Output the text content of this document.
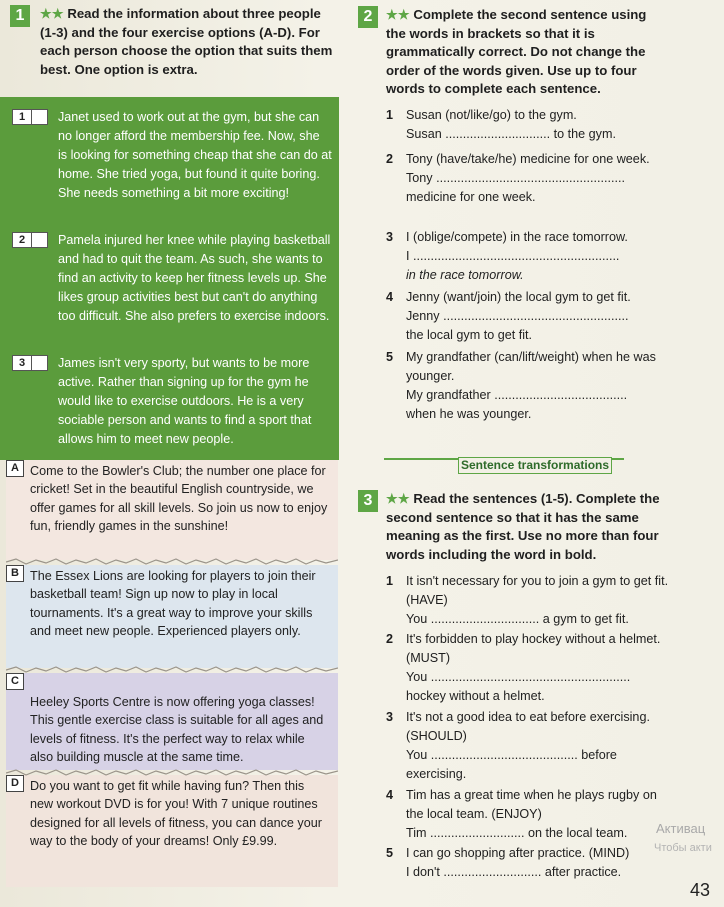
1	★★ Read the information about three people (1-3) and the four exercise options (A-D). For each person choose the option that suits them best. One option is extra.
1	Janet used to work out at the gym, but she can no longer afford the membership fee. Now, she is looking for something cheap that she can do at home. She tried yoga, but found it quite boring. She needs something a bit more exciting!
2	Pamela injured her knee while playing basketball and had to quit the team. As such, she wants to find an activity to keep her fitness levels up. She likes group activities best but can't do anything too difficult. She also prefers to exercise indoors.
3	James isn't very sporty, but wants to be more active. Rather than signing up for the gym he would like to exercise outdoors. He is a very sociable person and wants to find a sport that allows him to meet new people.
A Come to the Bowler's Club; the number one place for cricket! Set in the beautiful English countryside, we offer games for all skill levels. So join us now to enjoy fun, friendly games in the sunshine!
B The Essex Lions are looking for players to join their basketball team! Sign up now to play in local tournaments. It's a great way to improve your skills and meet new people. Experienced players only.
C
Heeley Sports Centre is now offering yoga classes! This gentle exercise class is suitable for all ages and levels of fitness. It's the perfect way to relax while also building muscle at the same time.
D Do you want to get fit while having fun? Then this new workout DVD is for you! With 7 unique routines designed for all levels of fitness, you can dance your way to the body of your dreams! Only £9.99.
2	★★ Complete the second sentence using the words in brackets so that it is grammatically correct. Do not change the order of the words given. Use up to four words to complete each sentence.
1 Susan (not/like/go) to the gym.
Susan .............................. to the gym.
2 Tony (have/take/he) medicine for one week.
Tony ......................................................
medicine for one week.
3 I (oblige/compete) in the race tomorrow.
I ...........................................................
in the race tomorrow.
4 Jenny (want/join) the local gym to get fit.
Jenny .....................................................
the local gym to get fit.
5 My grandfather (can/lift/weight) when he was younger.
My grandfather ......................................
when he was younger.
Sentence transformations
3	★★ Read the sentences (1-5). Complete the second sentence so that it has the same meaning as the first. Use no more than four words including the word in bold.
1 It isn't necessary for you to join a gym to get fit. (HAVE)
You ............................... a gym to get fit.
2 It's forbidden to play hockey without a helmet. (MUST)
You .........................................................
hockey without a helmet.
3 It's not a good idea to eat before exercising. (SHOULD)
You .......................................... before
exercising.
4 Tim has a great time when he plays rugby on the local team. (ENJOY)
Tim ........................... on the local team.
5 I can go shopping after practice. (MIND)
I don't ............................ after practice.
Активац
Чтобы акти
43
